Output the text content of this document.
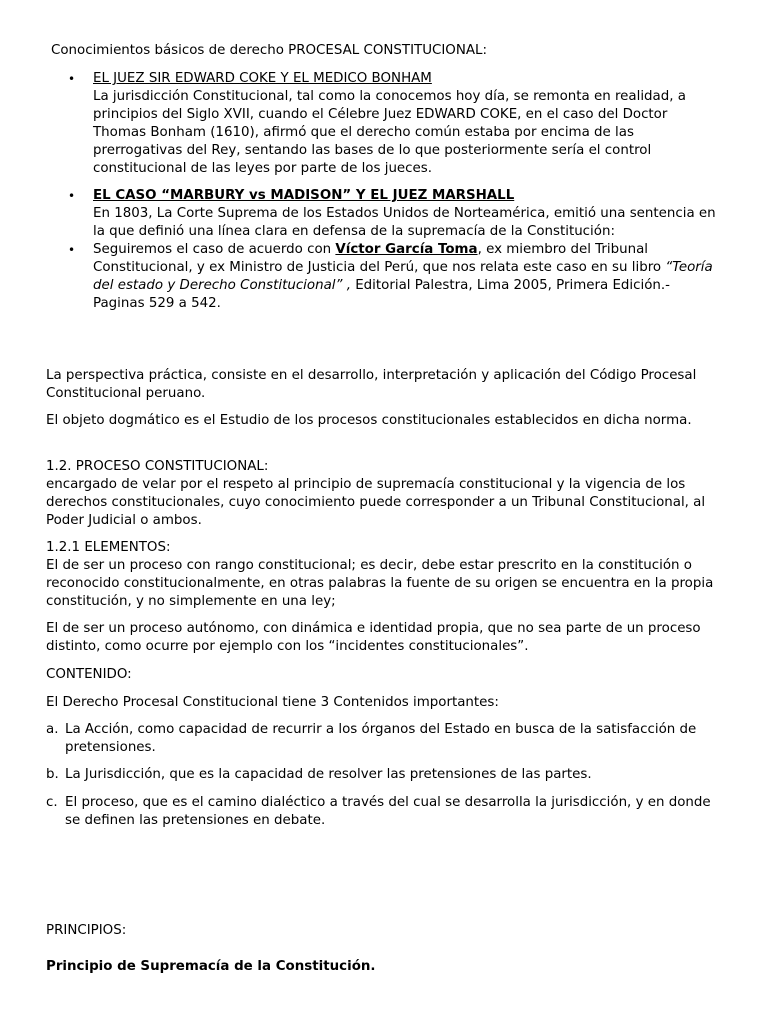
Conocimientos básicos de derecho PROCESAL CONSTITUCIONAL:

• EL JUEZ SIR EDWARD COKE Y EL MEDICO BONHAM
La jurisdicción Constitucional, tal como la conocemos hoy día, se remonta en realidad, a principios del Siglo XVII, cuando el Célebre Juez EDWARD COKE, en el caso del Doctor Thomas Bonham (1610), afirmó que el derecho común estaba por encima de las prerrogativas del Rey, sentando las bases de lo que posteriormente sería el control constitucional de las leyes por parte de los jueces.
• EL CASO “MARBURY vs MADISON” Y EL JUEZ MARSHALL
En 1803, La Corte Suprema de los Estados Unidos de Norteamérica, emitió una sentencia en la que definió una línea clara en defensa de la supremacía de la Constitución:
• Seguiremos el caso de acuerdo con Víctor García Toma, ex miembro del Tribunal Constitucional, y ex Ministro de Justicia del Perú, que nos relata este caso en su libro “Teoría del estado y Derecho Constitucional” , Editorial Palestra, Lima 2005, Primera Edición.- Paginas 529 a 542.

La perspectiva práctica, consiste en el desarrollo, interpretación y aplicación del Código Procesal Constitucional peruano.

El objeto dogmático es el Estudio de los procesos constitucionales establecidos en dicha norma.

1.2. PROCESO CONSTITUCIONAL:
encargado de velar por el respeto al principio de supremacía constitucional y la vigencia de los derechos constitucionales, cuyo conocimiento puede corresponder a un Tribunal Constitucional, al Poder Judicial o ambos.
1.2.1 ELEMENTOS:
El de ser un proceso con rango constitucional; es decir, debe estar prescrito en la constitución o reconocido constitucionalmente, en otras palabras la fuente de su origen se encuentra en la propia constitución, y no simplemente en una ley;

El de ser un proceso autónomo, con dinámica e identidad propia, que no sea parte de un proceso distinto, como ocurre por ejemplo con los “incidentes constitucionales”.

CONTENIDO:

El Derecho Procesal Constitucional tiene 3 Contenidos importantes:

a. La Acción, como capacidad de recurrir a los órganos del Estado en busca de la satisfacción de pretensiones.
b. La Jurisdicción, que es la capacidad de resolver las pretensiones de las partes.
c. El proceso, que es el camino dialéctico a través del cual se desarrolla la jurisdicción, y en donde se definen las pretensiones en debate.

PRINCIPIOS:

Principio de Supremacía de la Constitución.
